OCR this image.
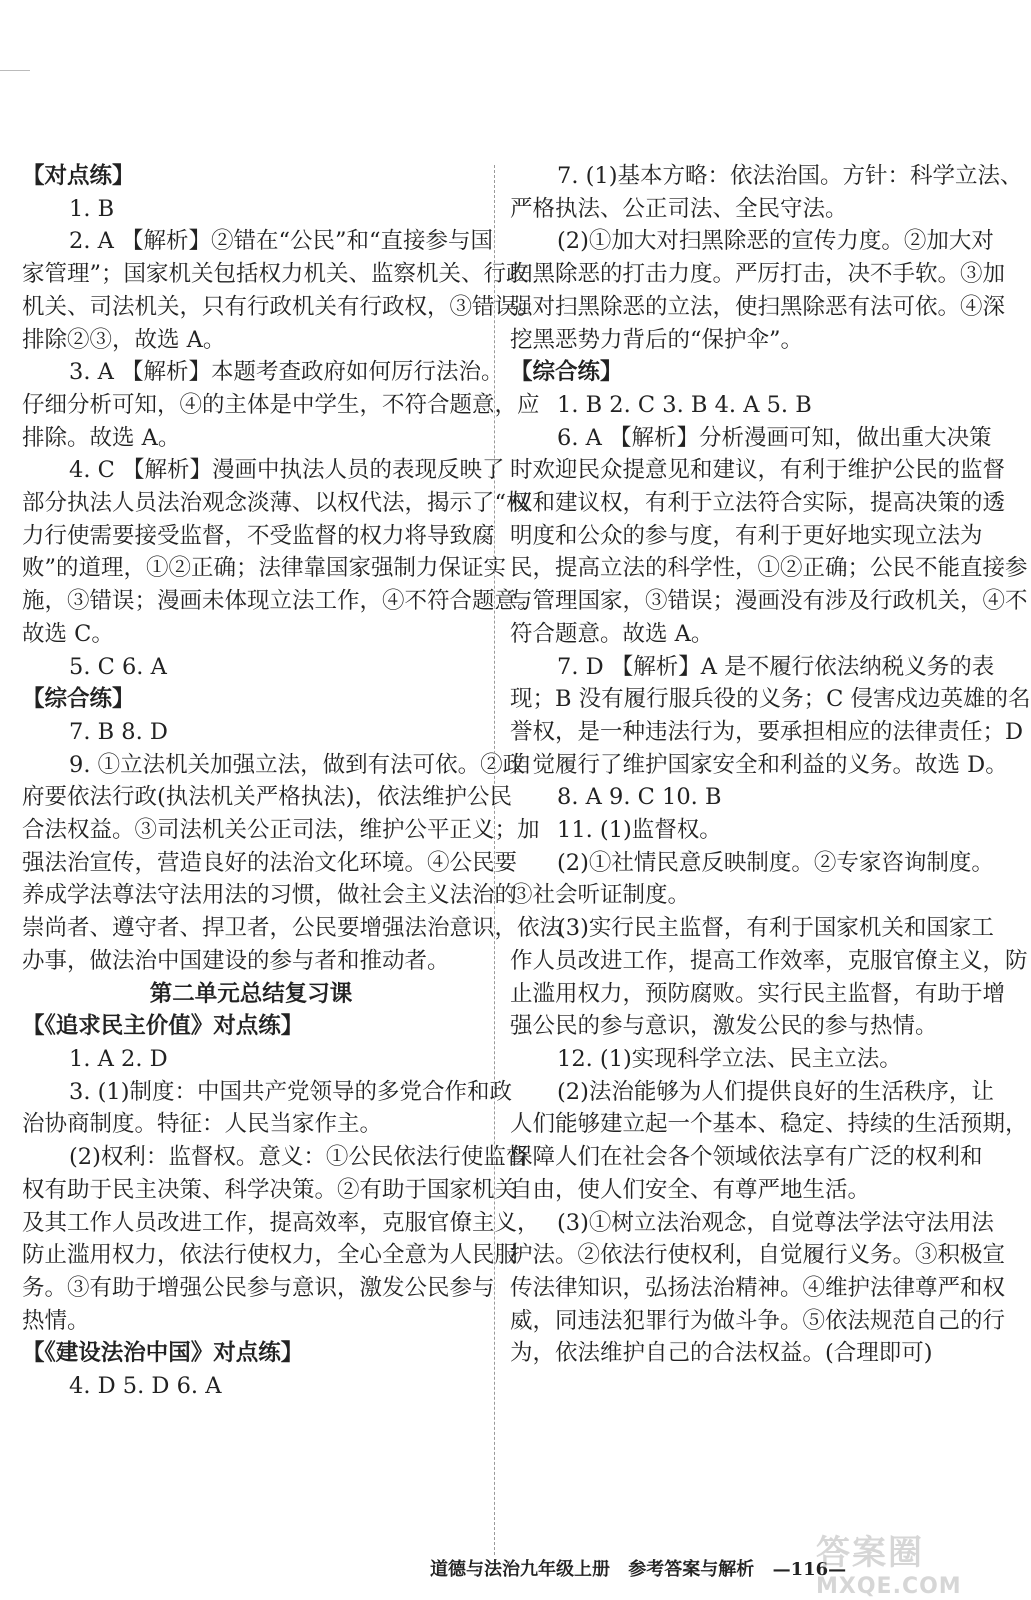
【对点练】
1. B
2. A 【解析】②错在“公民”和“直接参与国
家管理”；国家机关包括权力机关、监察机关、行政
机关、司法机关，只有行政机关有行政权，③错误。
排除②③，故选 A。
3. A 【解析】本题考查政府如何厉行法治。
仔细分析可知，④的主体是中学生，不符合题意，应
排除。故选 A。
4. C 【解析】漫画中执法人员的表现反映了
部分执法人员法治观念淡薄、以权代法，揭示了“权
力行使需要接受监督，不受监督的权力将导致腐
败”的道理，①②正确；法律靠国家强制力保证实
施，③错误；漫画未体现立法工作，④不符合题意。
故选 C。
5. C 6. A
【综合练】
7. B 8. D
9. ①立法机关加强立法，做到有法可依。②政
府要依法行政(执法机关严格执法)，依法维护公民
合法权益。③司法机关公正司法，维护公平正义；加
强法治宣传，营造良好的法治文化环境。④公民要
养成学法尊法守法用法的习惯，做社会主义法治的
崇尚者、遵守者、捍卫者，公民要增强法治意识，依法
办事，做法治中国建设的参与者和推动者。
第二单元总结复习课
【《追求民主价值》对点练】
1. A 2. D
3. (1)制度：中国共产党领导的多党合作和政
治协商制度。特征：人民当家作主。
(2)权利：监督权。意义：①公民依法行使监督
权有助于民主决策、科学决策。②有助于国家机关
及其工作人员改进工作，提高效率，克服官僚主义，
防止滥用权力，依法行使权力，全心全意为人民服
务。③有助于增强公民参与意识，激发公民参与
热情。
【《建设法治中国》对点练】
4. D 5. D 6. A
7. (1)基本方略：依法治国。方针：科学立法、
严格执法、公正司法、全民守法。
(2)①加大对扫黑除恶的宣传力度。②加大对
扫黑除恶的打击力度。严厉打击，决不手软。③加
强对扫黑除恶的立法，使扫黑除恶有法可依。④深
挖黑恶势力背后的“保护伞”。
【综合练】
1. B 2. C 3. B 4. A 5. B
6. A 【解析】分析漫画可知，做出重大决策
时欢迎民众提意见和建议，有利于维护公民的监督
权和建议权，有利于立法符合实际，提高决策的透
明度和公众的参与度，有利于更好地实现立法为
民，提高立法的科学性，①②正确；公民不能直接参
与管理国家，③错误；漫画没有涉及行政机关，④不
符合题意。故选 A。
7. D 【解析】A 是不履行依法纳税义务的表
现；B 没有履行服兵役的义务；C 侵害戍边英雄的名
誉权，是一种违法行为，要承担相应的法律责任；D
自觉履行了维护国家安全和利益的义务。故选 D。
8. A 9. C 10. B
11. (1)监督权。
(2)①社情民意反映制度。②专家咨询制度。
③社会听证制度。
(3)实行民主监督，有利于国家机关和国家工
作人员改进工作，提高工作效率，克服官僚主义，防
止滥用权力，预防腐败。实行民主监督，有助于增
强公民的参与意识，激发公民的参与热情。
12. (1)实现科学立法、民主立法。
(2)法治能够为人们提供良好的生活秩序，让
人们能够建立起一个基本、稳定、持续的生活预期，
保障人们在社会各个领域依法享有广泛的权利和
自由，使人们安全、有尊严地生活。
(3)①树立法治观念，自觉尊法学法守法用法
护法。②依法行使权利，自觉履行义务。③积极宣
传法律知识，弘扬法治精神。④维护法律尊严和权
威，同违法犯罪行为做斗争。⑤依法规范自己的行
为，依法维护自己的合法权益。(合理即可)
道德与法治九年级上册 参考答案与解析 —116—
答案圈
MXQE.COM
